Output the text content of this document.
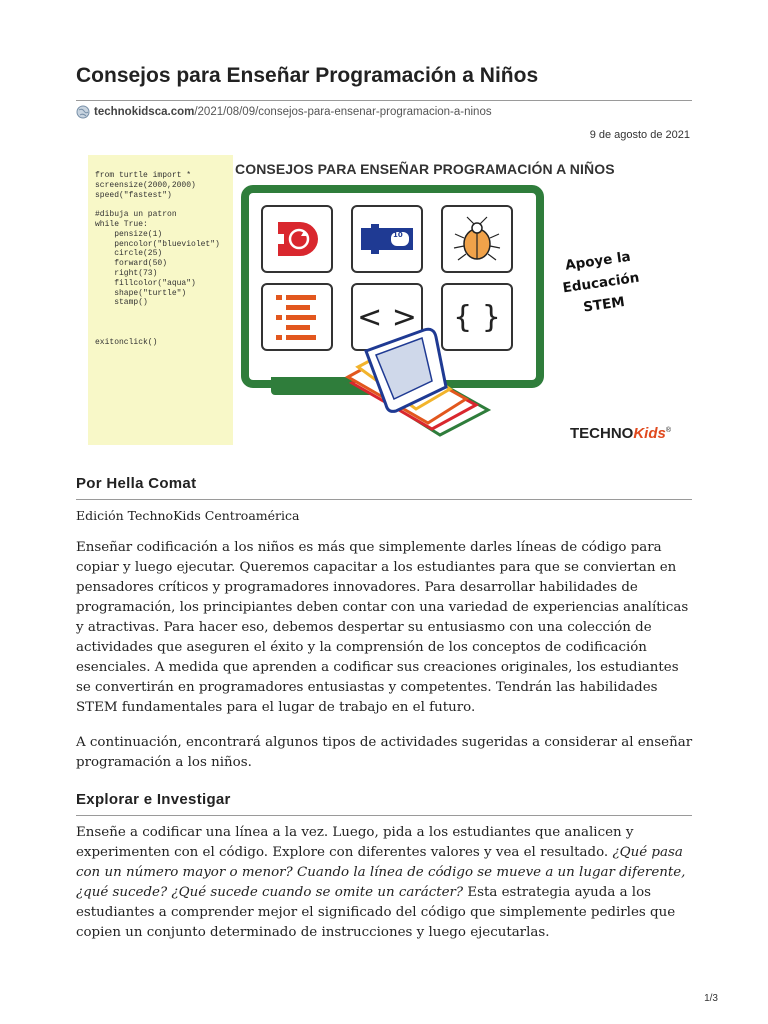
Consejos para Enseñar Programación a Niños
technokidsca.com/2021/08/09/consejos-para-ensenar-programacion-a-ninos
9 de agosto de 2021
from turtle import *
screensize(2000,2000)
speed("fastest")

#dibuja un patron
while True:
pensize(1)
pencolor("blueviolet")
circle(25)
forward(50)
right(73)
fillcolor("aqua")
shape("turtle")
stamp()

exitonclick()
CONSEJOS PARA ENSEÑAR PROGRAMACIÓN A NIÑOS
10
< > { }
Apoye la
Educación
STEM
TECHNOKids®
Por Hella Comat

Edición TechnoKids Centroamérica

Enseñar codificación a los niños es más que simplemente darles líneas de código para copiar y luego ejecutar. Queremos capacitar a los estudiantes para que se conviertan en pensadores críticos y programadores innovadores. Para desarrollar habilidades de programación, los principiantes deben contar con una variedad de experiencias analíticas y atractivas. Para hacer eso, debemos despertar su entusiasmo con una colección de actividades que aseguren el éxito y la comprensión de los conceptos de codificación esenciales. A medida que aprenden a codificar sus creaciones originales, los estudiantes se convertirán en programadores entusiastas y competentes. Tendrán las habilidades STEM fundamentales para el lugar de trabajo en el futuro.

A continuación, encontrará algunos tipos de actividades sugeridas a considerar al enseñar programación a los niños.

Explorar e Investigar

Enseñe a codificar una línea a la vez. Luego, pida a los estudiantes que analicen y experimenten con el código. Explore con diferentes valores y vea el resultado. ¿Qué pasa con un número mayor o menor? Cuando la línea de código se mueve a un lugar diferente, ¿qué sucede? ¿Qué sucede cuando se omite un carácter? Esta estrategia ayuda a los estudiantes a comprender mejor el significado del código que simplemente pedirles que copien un conjunto determinado de instrucciones y luego ejecutarlas.

1/3
